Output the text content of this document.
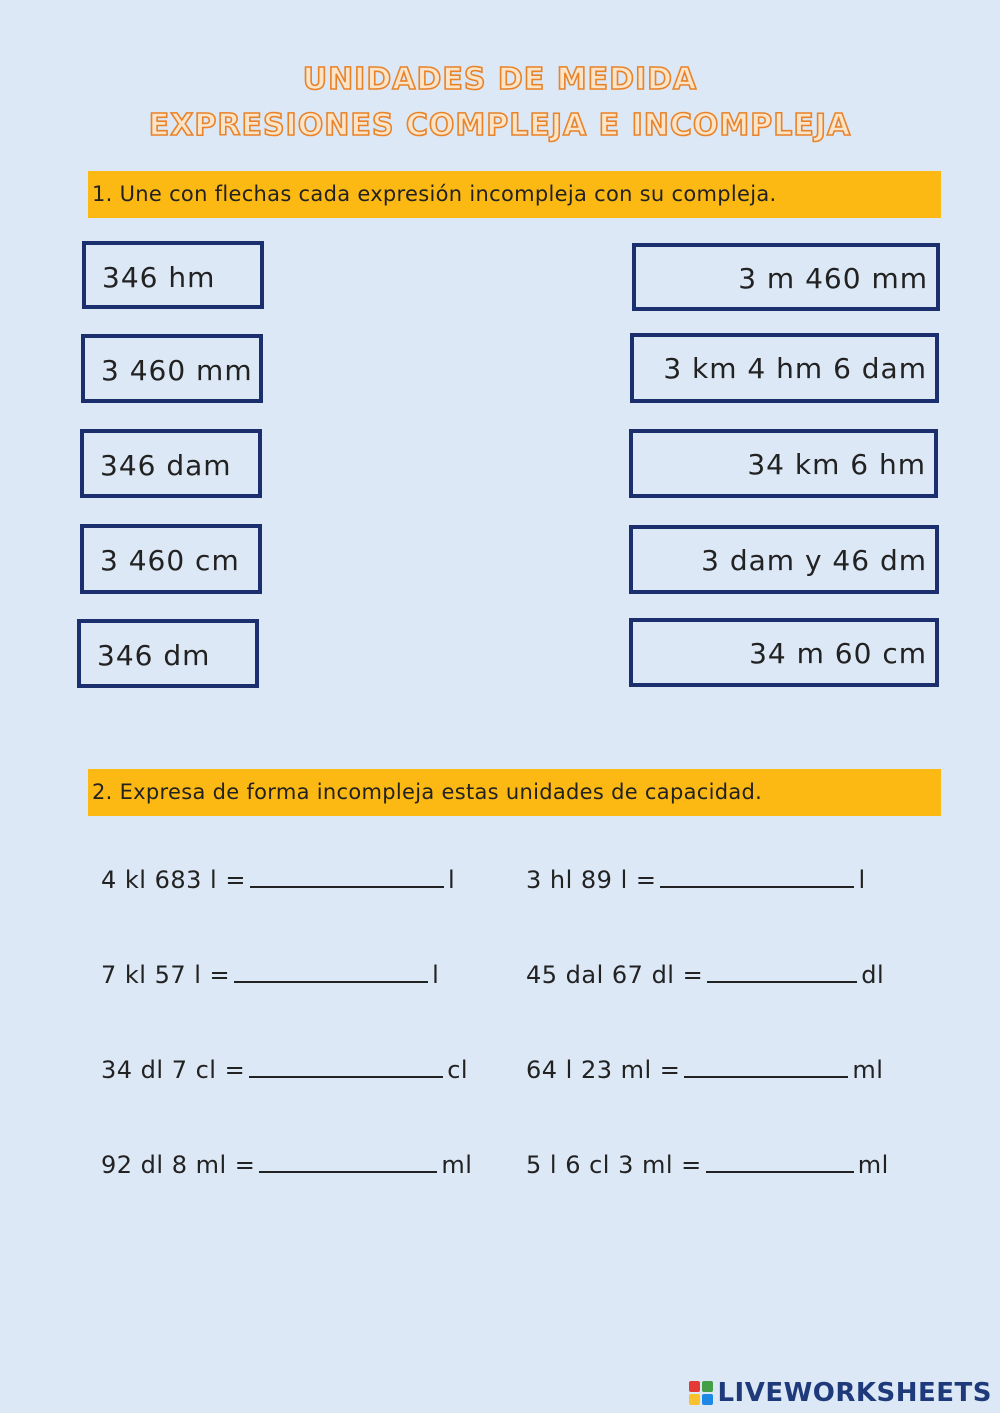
UNIDADES DE MEDIDA
EXPRESIONES COMPLEJA E INCOMPLEJA
1. Une con flechas cada expresión incompleja con su compleja.
346 hm
3 460 mm
346 dam
3 460 cm
346 dm
3 m 460 mm
3 km 4 hm 6 dam
34 km 6 hm
3 dam y 46 dm
34 m 60 cm
2. Expresa de forma incompleja estas unidades de capacidad.
4 kl 683 l =	l	3 hl 89 l =	l
7 kl 57 l =	l	45 dal 67 dl =	dl
34 dl 7 cl =	cl 64 l 23 ml =	ml
92 dl 8 ml =	ml 5 l 6 cl 3 ml =	ml
LIVEWORKSHEETS
